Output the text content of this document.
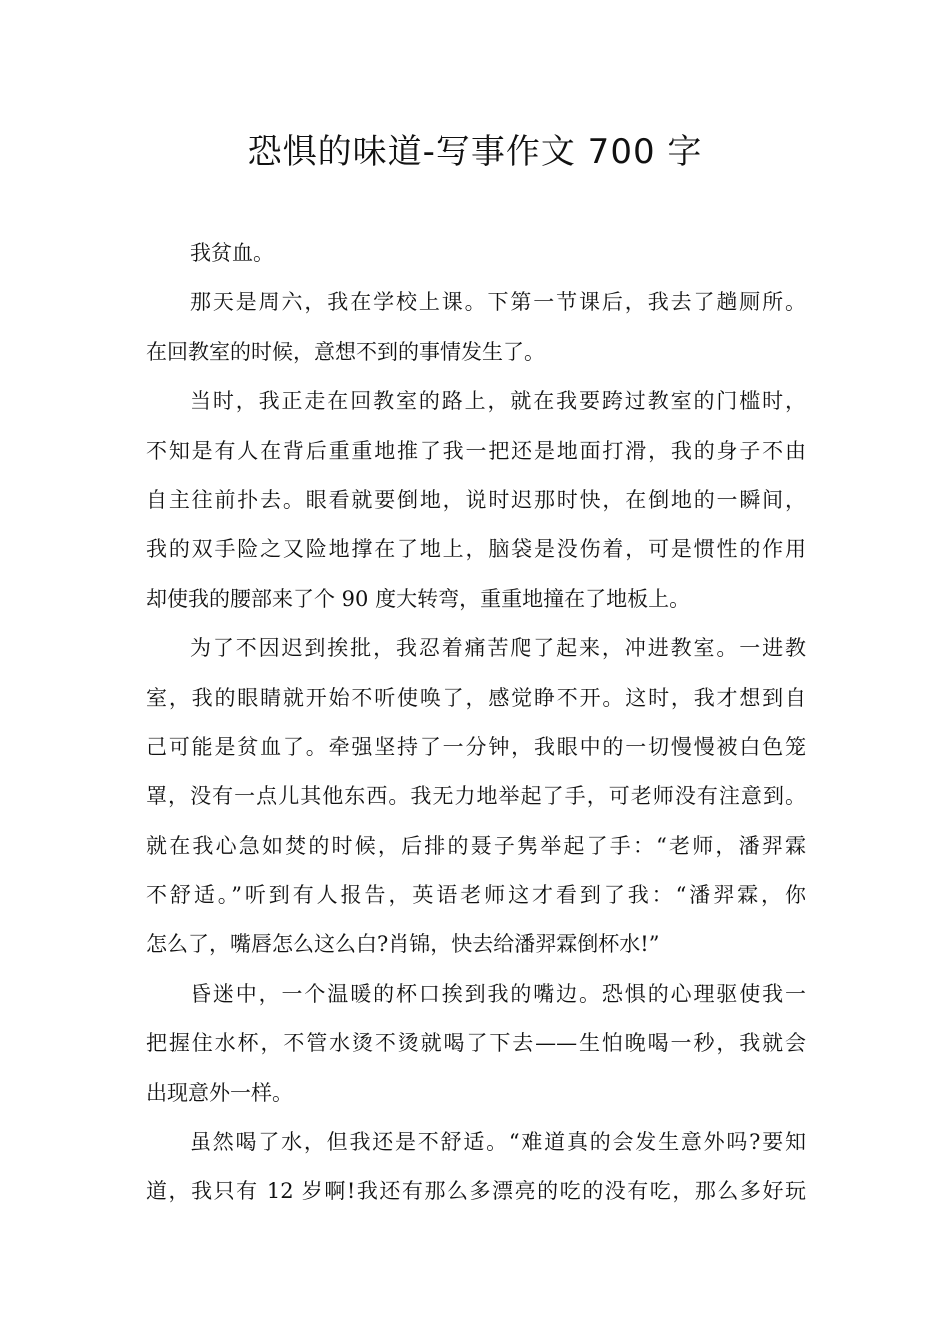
恐惧的味道-写事作文 700 字
我贫血。
那天是周六，我在学校上课。下第一节课后，我去了趟厕所。
在回教室的时候，意想不到的事情发生了。
当时，我正走在回教室的路上，就在我要跨过教室的门槛时，
不知是有人在背后重重地推了我一把还是地面打滑，我的身子不由
自主往前扑去。眼看就要倒地，说时迟那时快，在倒地的一瞬间，
我的双手险之又险地撑在了地上，脑袋是没伤着，可是惯性的作用
却使我的腰部来了个 90 度大转弯，重重地撞在了地板上。
为了不因迟到挨批，我忍着痛苦爬了起来，冲进教室。一进教
室，我的眼睛就开始不听使唤了，感觉睁不开。这时，我才想到自
己可能是贫血了。牵强坚持了一分钟，我眼中的一切慢慢被白色笼
罩，没有一点儿其他东西。我无力地举起了手，可老师没有注意到。
就在我心急如焚的时候，后排的聂子隽举起了手：“老师，潘羿霖
不舒适。”听到有人报告，英语老师这才看到了我：“潘羿霖，你
怎么了，嘴唇怎么这么白?肖锦，快去给潘羿霖倒杯水!”
昏迷中，一个温暖的杯口挨到我的嘴边。恐惧的心理驱使我一
把握住水杯，不管水烫不烫就喝了下去——生怕晚喝一秒，我就会
出现意外一样。
虽然喝了水，但我还是不舒适。“难道真的会发生意外吗?要知
道，我只有 12 岁啊!我还有那么多漂亮的吃的没有吃，那么多好玩
